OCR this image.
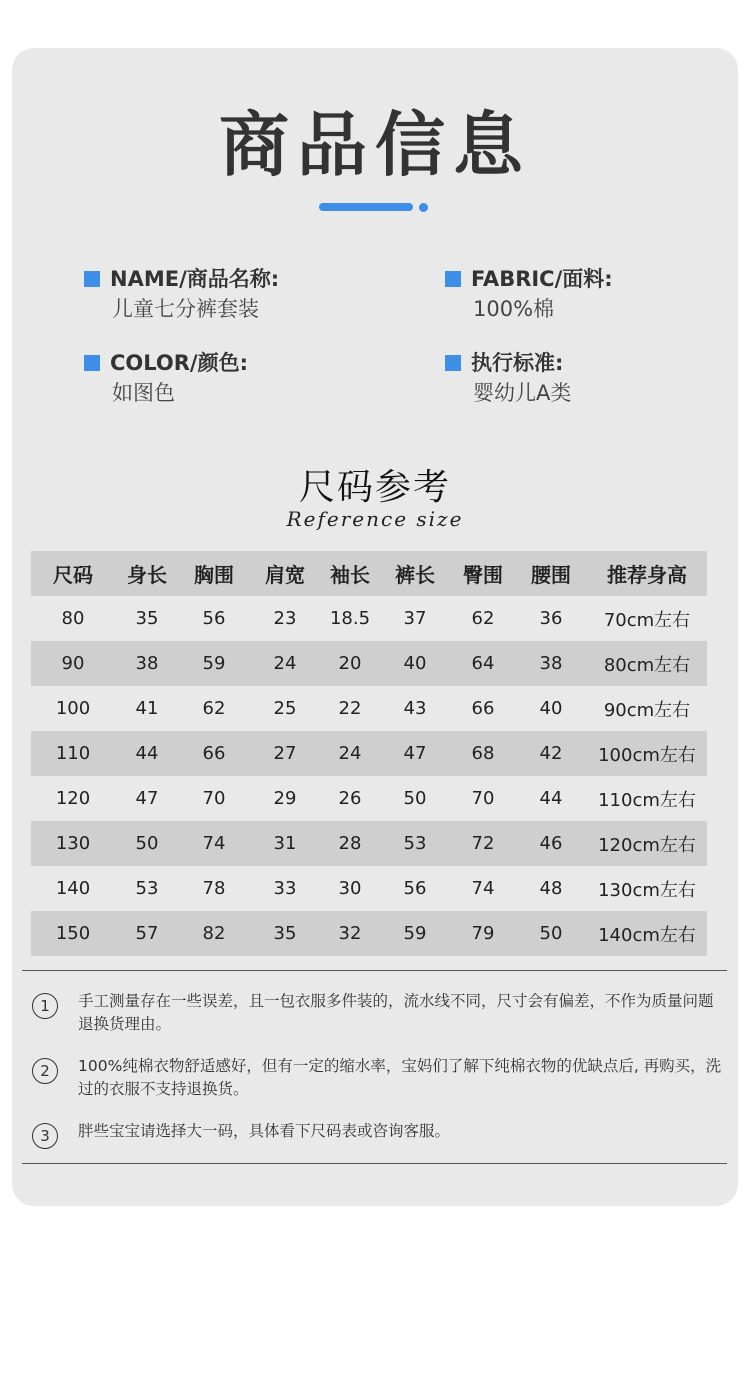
商品信息
NAME/商品名称:
儿童七分裤套装
FABRIC/面料:
100%棉
COLOR/颜色:
如图色
执行标准:
婴幼儿A类
尺码参考
Reference size
尺码	身长	胸围	肩宽	袖长	裤长	臀围	腰围	推荐身高
80	35	56	23	18.5	37	62	36	70cm左右
90	38	59	24	20	40	64	38	80cm左右
100	41	62	25	22	43	66	40	90cm左右
110	44	66	27	24	47	68	42	100cm左右
120	47	70	29	26	50	70	44	110cm左右
130	50	74	31	28	53	72	46	120cm左右
140	53	78	33	30	56	74	48	130cm左右
150	57	82	35	32	59	79	50	140cm左右
1	手工测量存在一些误差，且一包衣服多件装的，流水线不同，尺寸会有偏差，不作为质量问题退换货理由。
2	100%纯棉衣物舒适感好，但有一定的缩水率，宝妈们了解下纯棉衣物的优缺点后, 再购买，洗过的衣服不支持退换货。
3	胖些宝宝请选择大一码，具体看下尺码表或咨询客服。
